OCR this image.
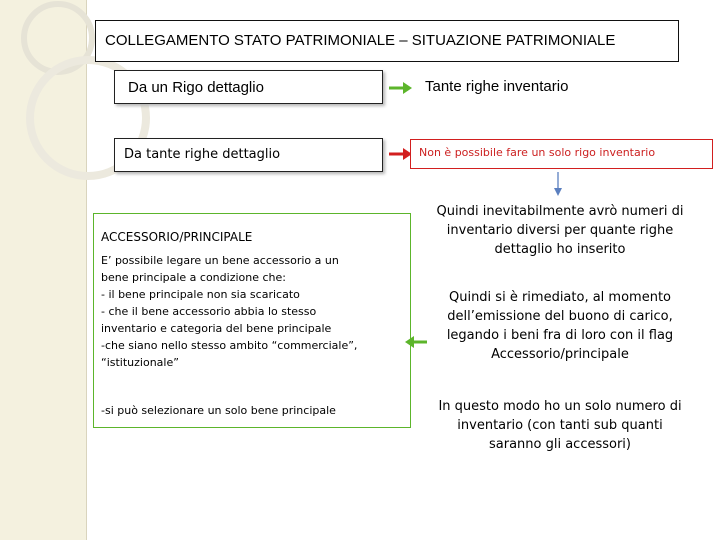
COLLEGAMENTO STATO PATRIMONIALE – SITUAZIONE PATRIMONIALE
Da un Rigo dettaglio	Tante righe inventario
Da tante righe dettaglio	Non è possibile fare un solo rigo inventario
ACCESSORIO/PRINCIPALE
E’ possibile legare un bene accessorio a un
bene principale a condizione che:
- il bene principale non sia scaricato
- che il bene accessorio abbia lo stesso
inventario e categoria del bene principale
-che siano nello stesso ambito “commerciale”,
“istituzionale”
-si può selezionare un solo bene principale
Quindi inevitabilmente avrò numeri di
inventario diversi per quante righe
dettaglio ho inserito
Quindi si è rimediato, al momento
dell’emissione del buono di carico,
legando i beni fra di loro con il flag
Accessorio/principale
In questo modo ho un solo numero di
inventario (con tanti sub quanti
saranno gli accessori)
